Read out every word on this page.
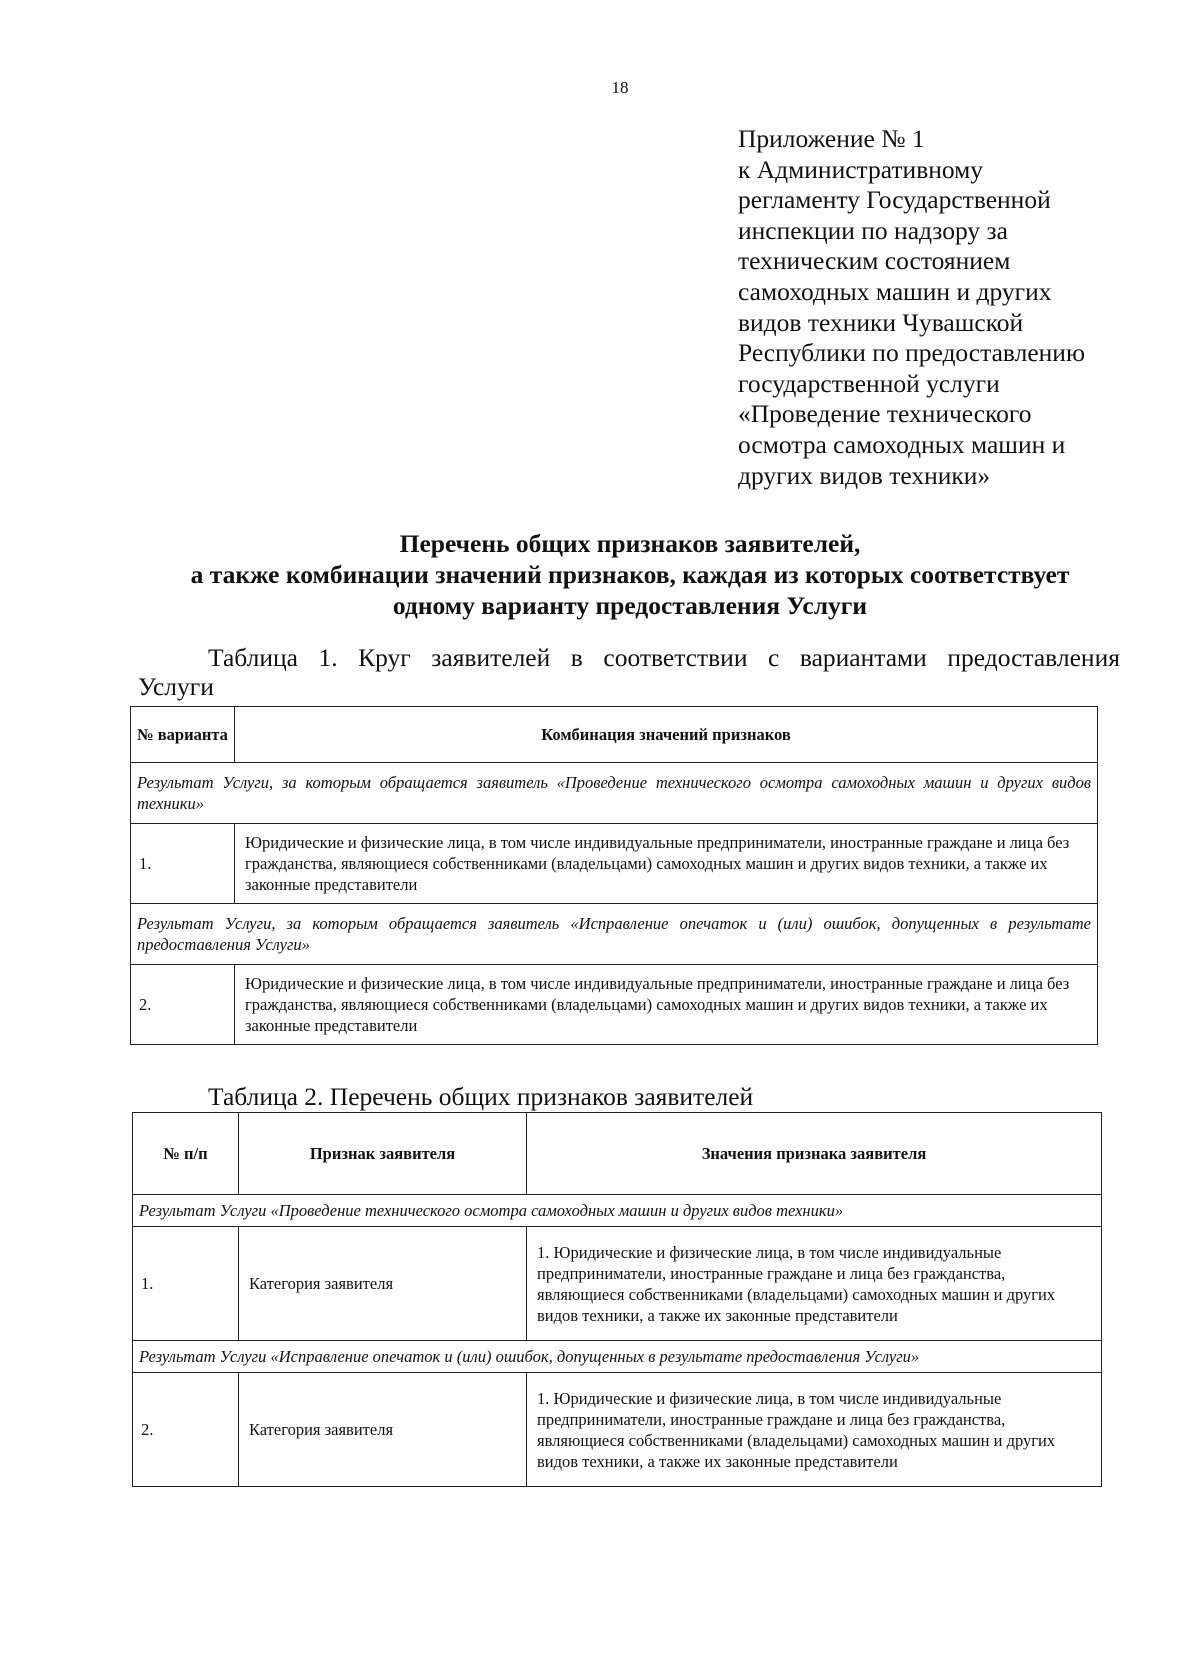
18
Приложение № 1
к Административному
регламенту Государственной
инспекции по надзору за
техническим состоянием
самоходных машин и других
видов техники Чувашской
Республики по предоставлению
государственной услуги
«Проведение технического
осмотра самоходных машин и
других видов техники»
Перечень общих признаков заявителей,
а также комбинации значений признаков, каждая из которых соответствует
одному варианту предоставления Услуги
Таблица 1. Круг заявителей в соответствии с вариантами предоставления
Услуги
№ варианта	Комбинация значений признаков
Результат Услуги, за которым обращается заявитель «Проведение технического осмотра самоходных машин и других видов техники»	
1.	Юридические и физические лица, в том числе индивидуальные предприниматели, иностранные граждане и лица без гражданства, являющиеся собственниками (владельцами) самоходных машин и других видов техники, а также их законные представители
Результат Услуги, за которым обращается заявитель «Исправление опечаток и (или) ошибок, допущенных в результате предоставления Услуги»	
2.	Юридические и физические лица, в том числе индивидуальные предприниматели, иностранные граждане и лица без гражданства, являющиеся собственниками (владельцами) самоходных машин и других видов техники, а также их законные представители
Таблица 2. Перечень общих признаков заявителей
№ п/п	Признак заявителя	Значения признака заявителя
Результат Услуги «Проведение технического осмотра самоходных машин и других видов техники»		
1.	Категория заявителя	1. Юридические и физические лица, в том числе индивидуальные предприниматели, иностранные граждане и лица без гражданства, являющиеся собственниками (владельцами) самоходных машин и других видов техники, а также их законные представители
Результат Услуги «Исправление опечаток и (или) ошибок, допущенных в результате предоставления Услуги»		
2.	Категория заявителя	1. Юридические и физические лица, в том числе индивидуальные предприниматели, иностранные граждане и лица без гражданства, являющиеся собственниками (владельцами) самоходных машин и других видов техники, а также их законные представители
